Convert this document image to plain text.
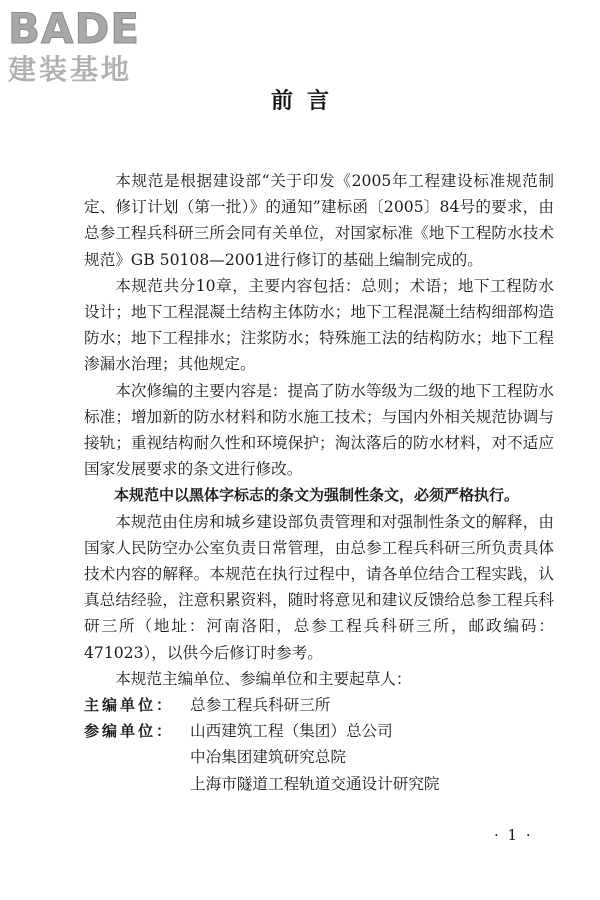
BADE
建装基地
前言

本规范是根据建设部“关于印发《2005年工程建设标准规范制定、修订计划（第一批）》的通知”建标函〔2005〕84号的要求，由总参工程兵科研三所会同有关单位，对国家标准《地下工程防水技术规范》GB 50108—2001进行修订的基础上编制完成的。

本规范共分10章，主要内容包括：总则；术语；地下工程防水设计；地下工程混凝土结构主体防水；地下工程混凝土结构细部构造防水；地下工程排水；注浆防水；特殊施工法的结构防水；地下工程渗漏水治理；其他规定。

本次修编的主要内容是：提高了防水等级为二级的地下工程防水标准；增加新的防水材料和防水施工技术；与国内外相关规范协调与接轨；重视结构耐久性和环境保护；淘汰落后的防水材料，对不适应国家发展要求的条文进行修改。

本规范中以黑体字标志的条文为强制性条文，必须严格执行。

本规范由住房和城乡建设部负责管理和对强制性条文的解释，由国家人民防空办公室负责日常管理，由总参工程兵科研三所负责具体技术内容的解释。本规范在执行过程中，请各单位结合工程实践，认真总结经验，注意积累资料，随时将意见和建议反馈给总参工程兵科研三所（地址：河南洛阳，总参工程兵科研三所，邮政编码：471023），以供今后修订时参考。

本规范主编单位、参编单位和主要起草人：

主编单位：	总参工程兵科研三所
参编单位：	山西建筑工程（集团）总公司
中冶集团建筑研究总院
上海市隧道工程轨道交通设计研究院
· 1 ·
